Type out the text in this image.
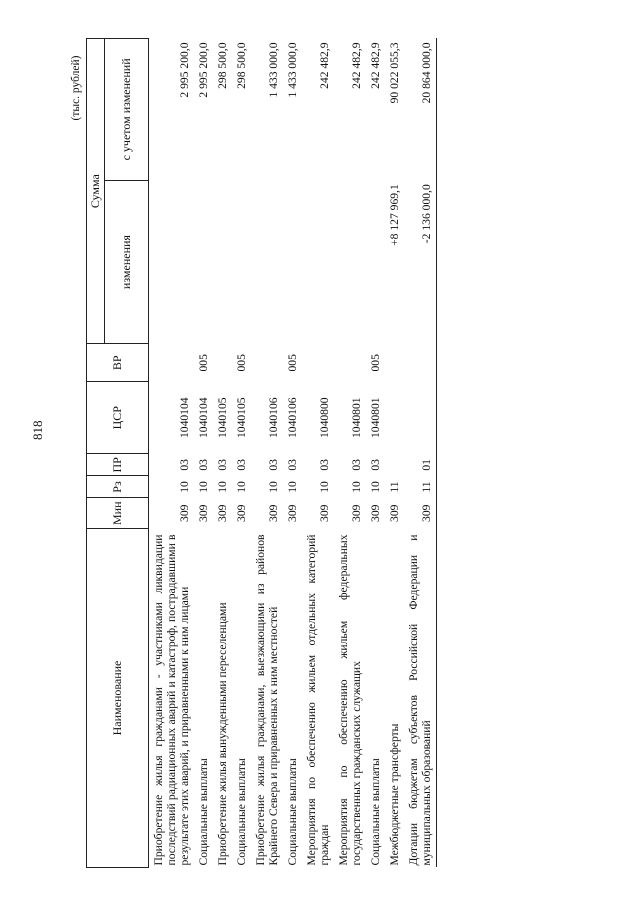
818
(тыс. рублей)
Наименование	Мин	Рз	ПР	ЦСР	ВР	Сумма	
						изменения	с учетом изменений
Приобретение жилья гражданами - участниками ликвидации последствий радиационных аварий и катастроф, пострадавшими в результате этих аварий, и приравненными к ним лицами	309	10	03	1040104			2 995 200,0
Социальные выплаты	309	10	03	1040104	005		2 995 200,0
Приобретение жилья вынужденными переселенцами	309	10	03	1040105			298 500,0
Социальные выплаты	309	10	03	1040105	005		298 500,0
Приобретение жилья гражданами, выезжающими из районов Крайнего Севера и приравненных к ним местностей	309	10	03	1040106			1 433 000,0
Социальные выплаты	309	10	03	1040106	005		1 433 000,0
Мероприятия по обеспечению жильем отдельных категорий граждан	309	10	03	1040800			242 482,9
Мероприятия по обеспечению жильем федеральных государственных гражданских служащих	309	10	03	1040801			242 482,9
Социальные выплаты	309	10	03	1040801	005		242 482,9
Межбюджетные трансферты	309	11				+8 127 969,1	90 022 055,3
Дотации бюджетам субъектов Российской Федерации и муниципальных образований	309	11	01			-2 136 000,0	20 864 000,0
